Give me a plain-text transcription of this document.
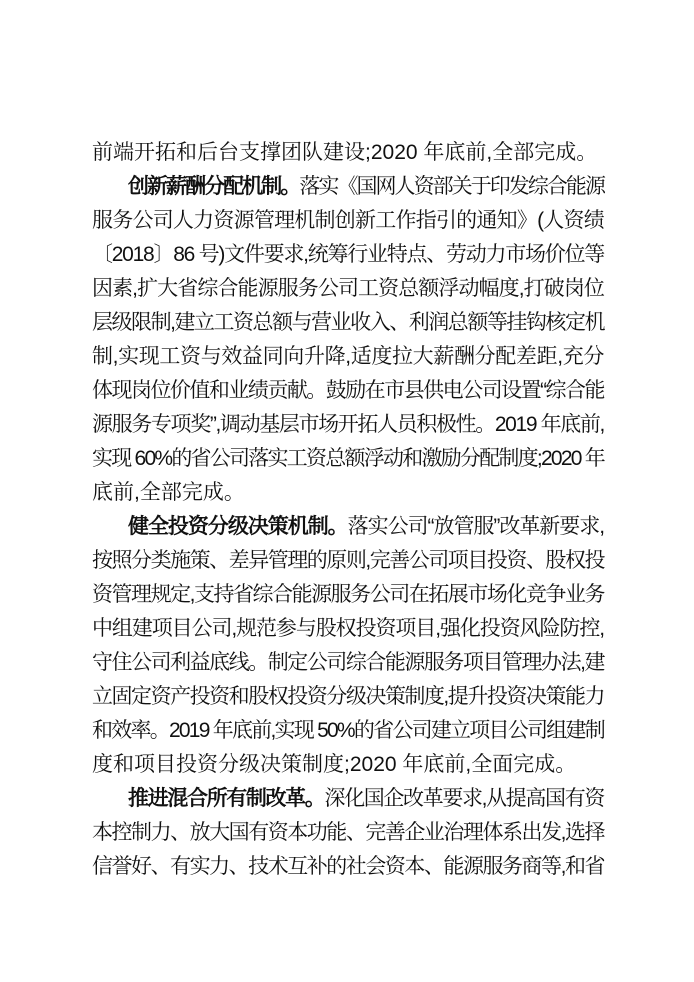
前端开拓和后台支撑团队建设;2020 年底前,全部完成。
创新薪酬分配机制。落实《国网人资部关于印发综合能源
服务公司人力资源管理机制创新工作指引的通知》(人资绩
〔2018〕86 号)文件要求,统筹行业特点、劳动力市场价位等
因素,扩大省综合能源服务公司工资总额浮动幅度,打破岗位
层级限制,建立工资总额与营业收入、利润总额等挂钩核定机
制,实现工资与效益同向升降,适度拉大薪酬分配差距,充分
体现岗位价值和业绩贡献。鼓励在市县供电公司设置“综合能
源服务专项奖”,调动基层市场开拓人员积极性。2019 年底前,
实现 60%的省公司落实工资总额浮动和激励分配制度;2020 年
底前,全部完成。
健全投资分级决策机制。落实公司“放管服”改革新要求,
按照分类施策、差异管理的原则,完善公司项目投资、股权投
资管理规定,支持省综合能源服务公司在拓展市场化竞争业务
中组建项目公司,规范参与股权投资项目,强化投资风险防控,
守住公司利益底线。制定公司综合能源服务项目管理办法,建
立固定资产投资和股权投资分级决策制度,提升投资决策能力
和效率。2019 年底前,实现 50%的省公司建立项目公司组建制
度和项目投资分级决策制度;2020 年底前,全面完成。
推进混合所有制改革。深化国企改革要求,从提高国有资
本控制力、放大国有资本功能、完善企业治理体系出发,选择
信誉好、有实力、技术互补的社会资本、能源服务商等,和省
